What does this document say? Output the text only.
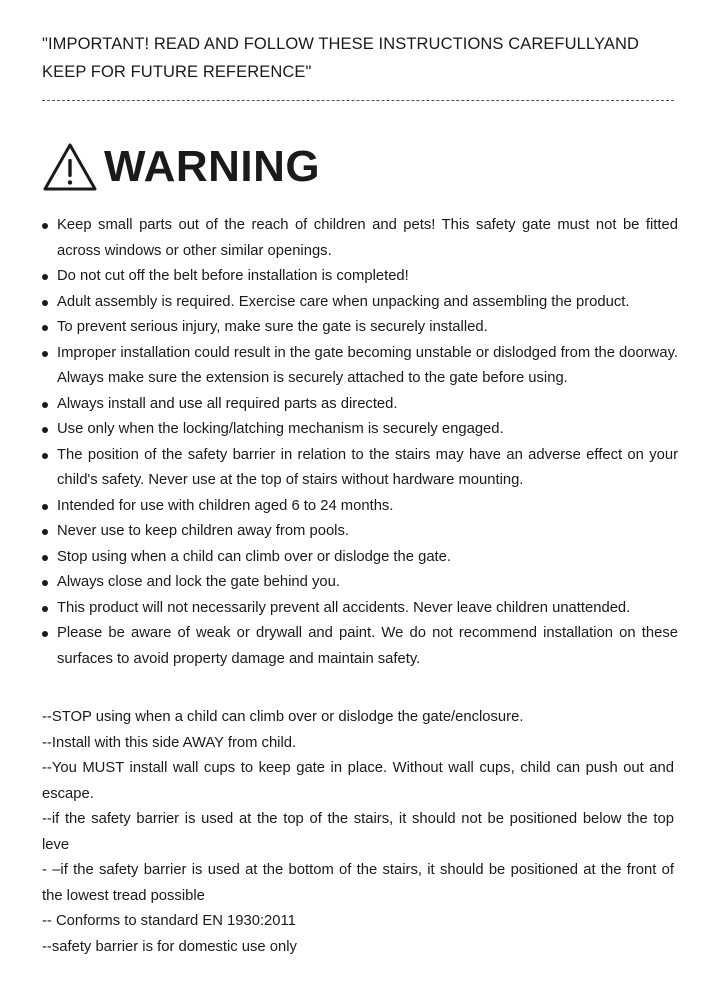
"IMPORTANT! READ AND FOLLOW THESE INSTRUCTIONS CAREFULLYAND KEEP FOR FUTURE REFERENCE"

WARNING
Keep small parts out of the reach of children and pets! This safety gate must not be fitted across windows or other similar openings.
Do not cut off the belt before installation is completed!
Adult assembly is required. Exercise care when unpacking and assembling the product.
To prevent serious injury, make sure the gate is securely installed.
Improper installation could result in the gate becoming unstable or dislodged from the doorway. Always make sure the extension is securely attached to the gate before using.
Always install and use all required parts as directed.
Use only when the locking/latching mechanism is securely engaged.
The position of the safety barrier in relation to the stairs may have an adverse effect on your child's safety. Never use at the top of stairs without hardware mounting.
Intended for use with children aged 6 to 24 months.
Never use to keep children away from pools.
Stop using when a child can climb over or dislodge the gate.
Always close and lock the gate behind you.
This product will not necessarily prevent all accidents. Never leave children unattended.
Please be aware of weak or drywall and paint. We do not recommend installation on these surfaces to avoid property damage and maintain safety.

--STOP using when a child can climb over or dislodge the gate/enclosure.

--Install with this side AWAY from child.

--You MUST install wall cups to keep gate in place. Without wall cups, child can push out and escape.

--if the safety barrier is used at the top of the stairs, it should not be positioned below the top leve

- –if the safety barrier is used at the bottom of the stairs, it should be positioned at the front of the lowest tread possible

-- Conforms to standard EN 1930:2011

--safety barrier is for domestic use only
